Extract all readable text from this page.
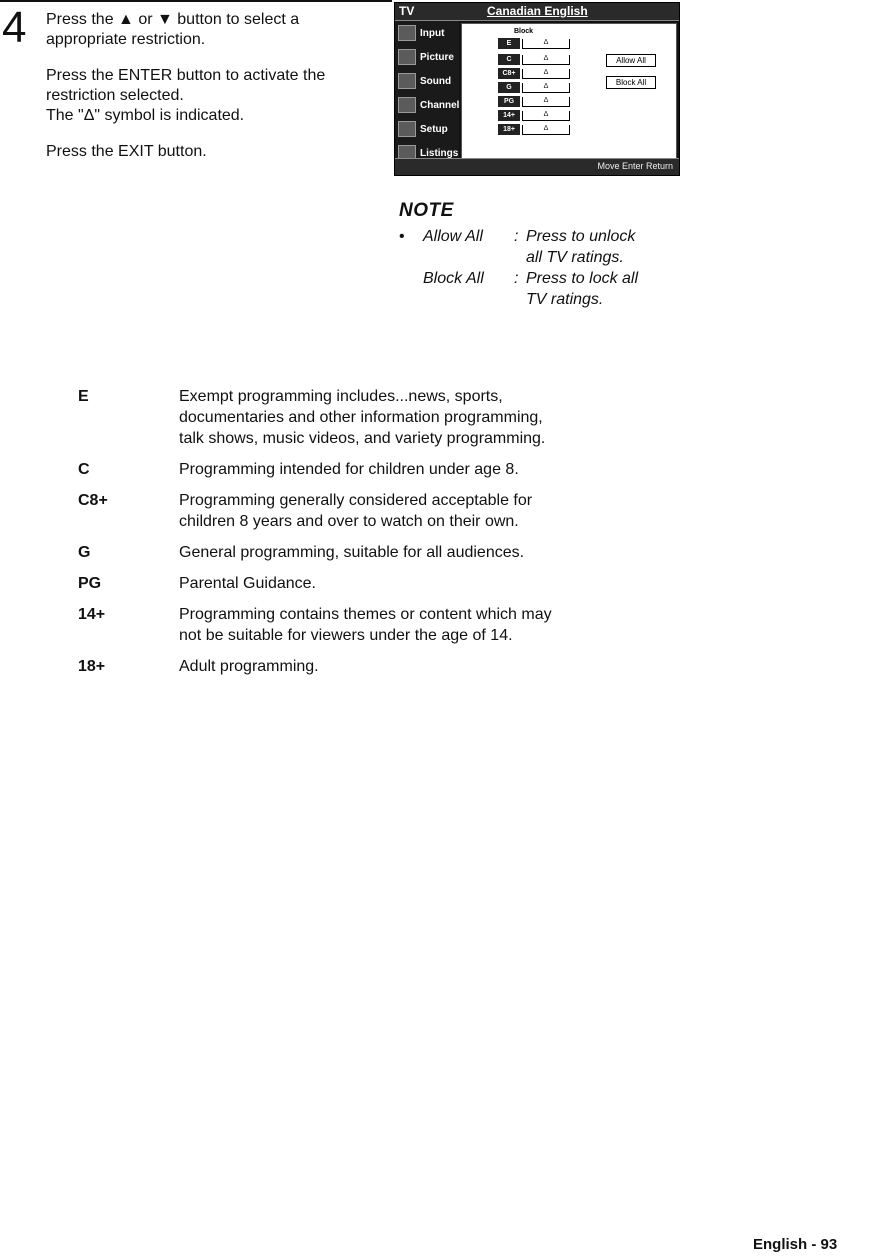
4 Press the ▲ or ▼ button to select a
appropriate restriction.

Press the ENTER button to activate the
restriction selected.
The "Δ" symbol is indicated.

Press the EXIT button.

TV	Canadian English
Input
Picture
Sound
Channel
Setup
Listings
Block
E	Δ
C	Δ
C8+	Δ
G	Δ
PG	Δ
14+	Δ
18+	Δ
Allow All
Block All
Move Enter Return
NOTE
•	Allow All	: Press to unlock
all TV ratings.
Block All	: Press to lock all
TV ratings.
E	Exempt programming includes...news, sports,
documentaries and other information programming,
talk shows, music videos, and variety programming.
C	Programming intended for children under age 8.
C8+	Programming generally considered acceptable for
children 8 years and over to watch on their own.
G	General programming, suitable for all audiences.
PG	Parental Guidance.
14+	Programming contains themes or content which may
not be suitable for viewers under the age of 14.
18+	Adult programming.
English - 93
